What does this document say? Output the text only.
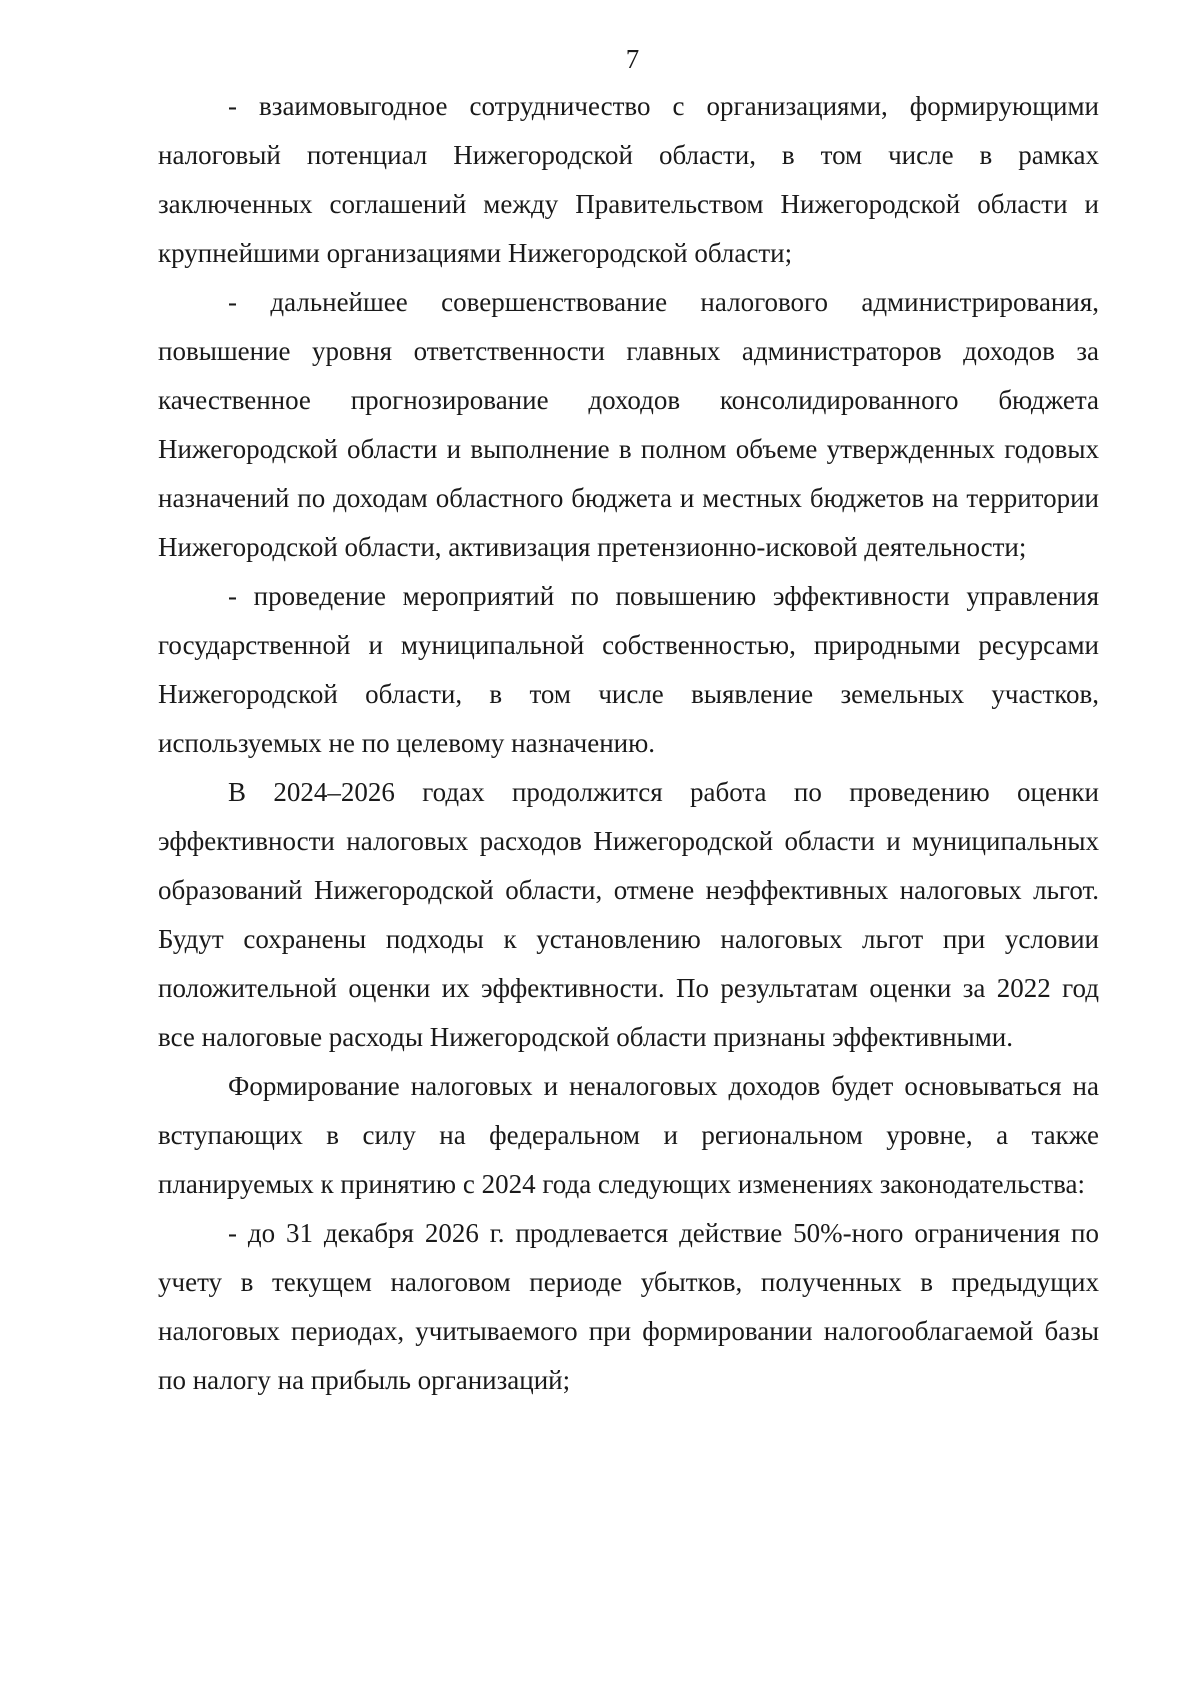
7

- взаимовыгодное сотрудничество с организациями, формирующими налоговый потенциал Нижегородской области, в том числе в рамках заключенных соглашений между Правительством Нижегородской области и крупнейшими организациями Нижегородской области;

- дальнейшее совершенствование налогового администрирования, повышение уровня ответственности главных администраторов доходов за качественное прогнозирование доходов консолидированного бюджета Нижегородской области и выполнение в полном объеме утвержденных годовых назначений по доходам областного бюджета и местных бюджетов на территории Нижегородской области, активизация претензионно-исковой деятельности;

- проведение мероприятий по повышению эффективности управления государственной и муниципальной собственностью, природными ресурсами Нижегородской области, в том числе выявление земельных участков, используемых не по целевому назначению.

В 2024–2026 годах продолжится работа по проведению оценки эффективности налоговых расходов Нижегородской области и муниципальных образований Нижегородской области, отмене неэффективных налоговых льгот. Будут сохранены подходы к установлению налоговых льгот при условии положительной оценки их эффективности. По результатам оценки за 2022 год все налоговые расходы Нижегородской области признаны эффективными.

Формирование налоговых и неналоговых доходов будет основываться на вступающих в силу на федеральном и региональном уровне, а также планируемых к принятию с 2024 года следующих изменениях законодательства:

- до 31 декабря 2026 г. продлевается действие 50%-ного ограничения по учету в текущем налоговом периоде убытков, полученных в предыдущих налоговых периодах, учитываемого при формировании налогооблагаемой базы по налогу на прибыль организаций;
